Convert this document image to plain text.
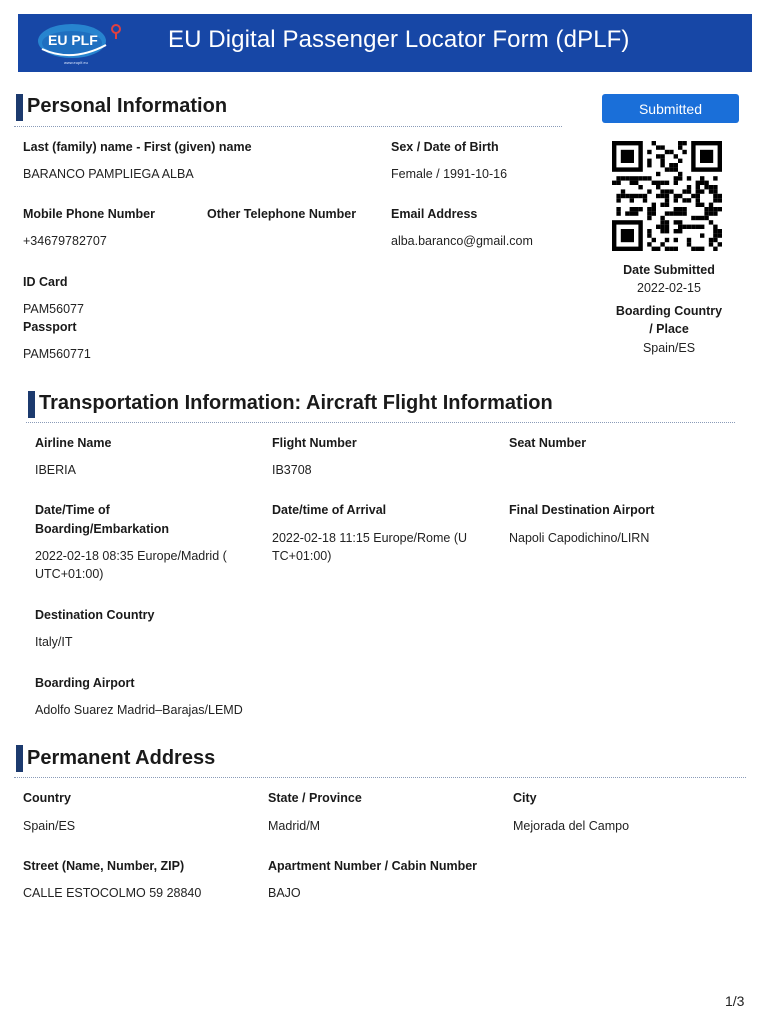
EU PLF
www.euplf.eu
EU Digital Passenger Locator Form (dPLF)
Personal Information	Submitted
Last (family) name - First (given) name
BARANCO PAMPLIEGA ALBA
Sex / Date of Birth
Female / 1991-10-16
Mobile Phone Number
+34679782707
Other Telephone Number	Email Address
alba.baranco@gmail.com
ID Card
PAM56077
Passport
PAM560771
Date Submitted
2022-02-15
Boarding Country
/ Place
Spain/ES
Transportation Information: Aircraft Flight Information
Airline Name
IBERIA
Flight Number
IB3708
Seat Number
Date/Time of
Boarding/Embarkation
2022-02-18 08:35 Europe/Madrid (
UTC+01:00)
Date/time of Arrival
2022-02-18 11:15 Europe/Rome (U
TC+01:00)
Final Destination Airport
Napoli Capodichino/LIRN
Destination Country
Italy/IT
Boarding Airport
Adolfo Suarez Madrid–Barajas/LEMD
Permanent Address
Country
Spain/ES
State / Province
Madrid/M
City
Mejorada del Campo
Street (Name, Number, ZIP)
CALLE ESTOCOLMO 59 28840
Apartment Number / Cabin Number
BAJO
1/3
